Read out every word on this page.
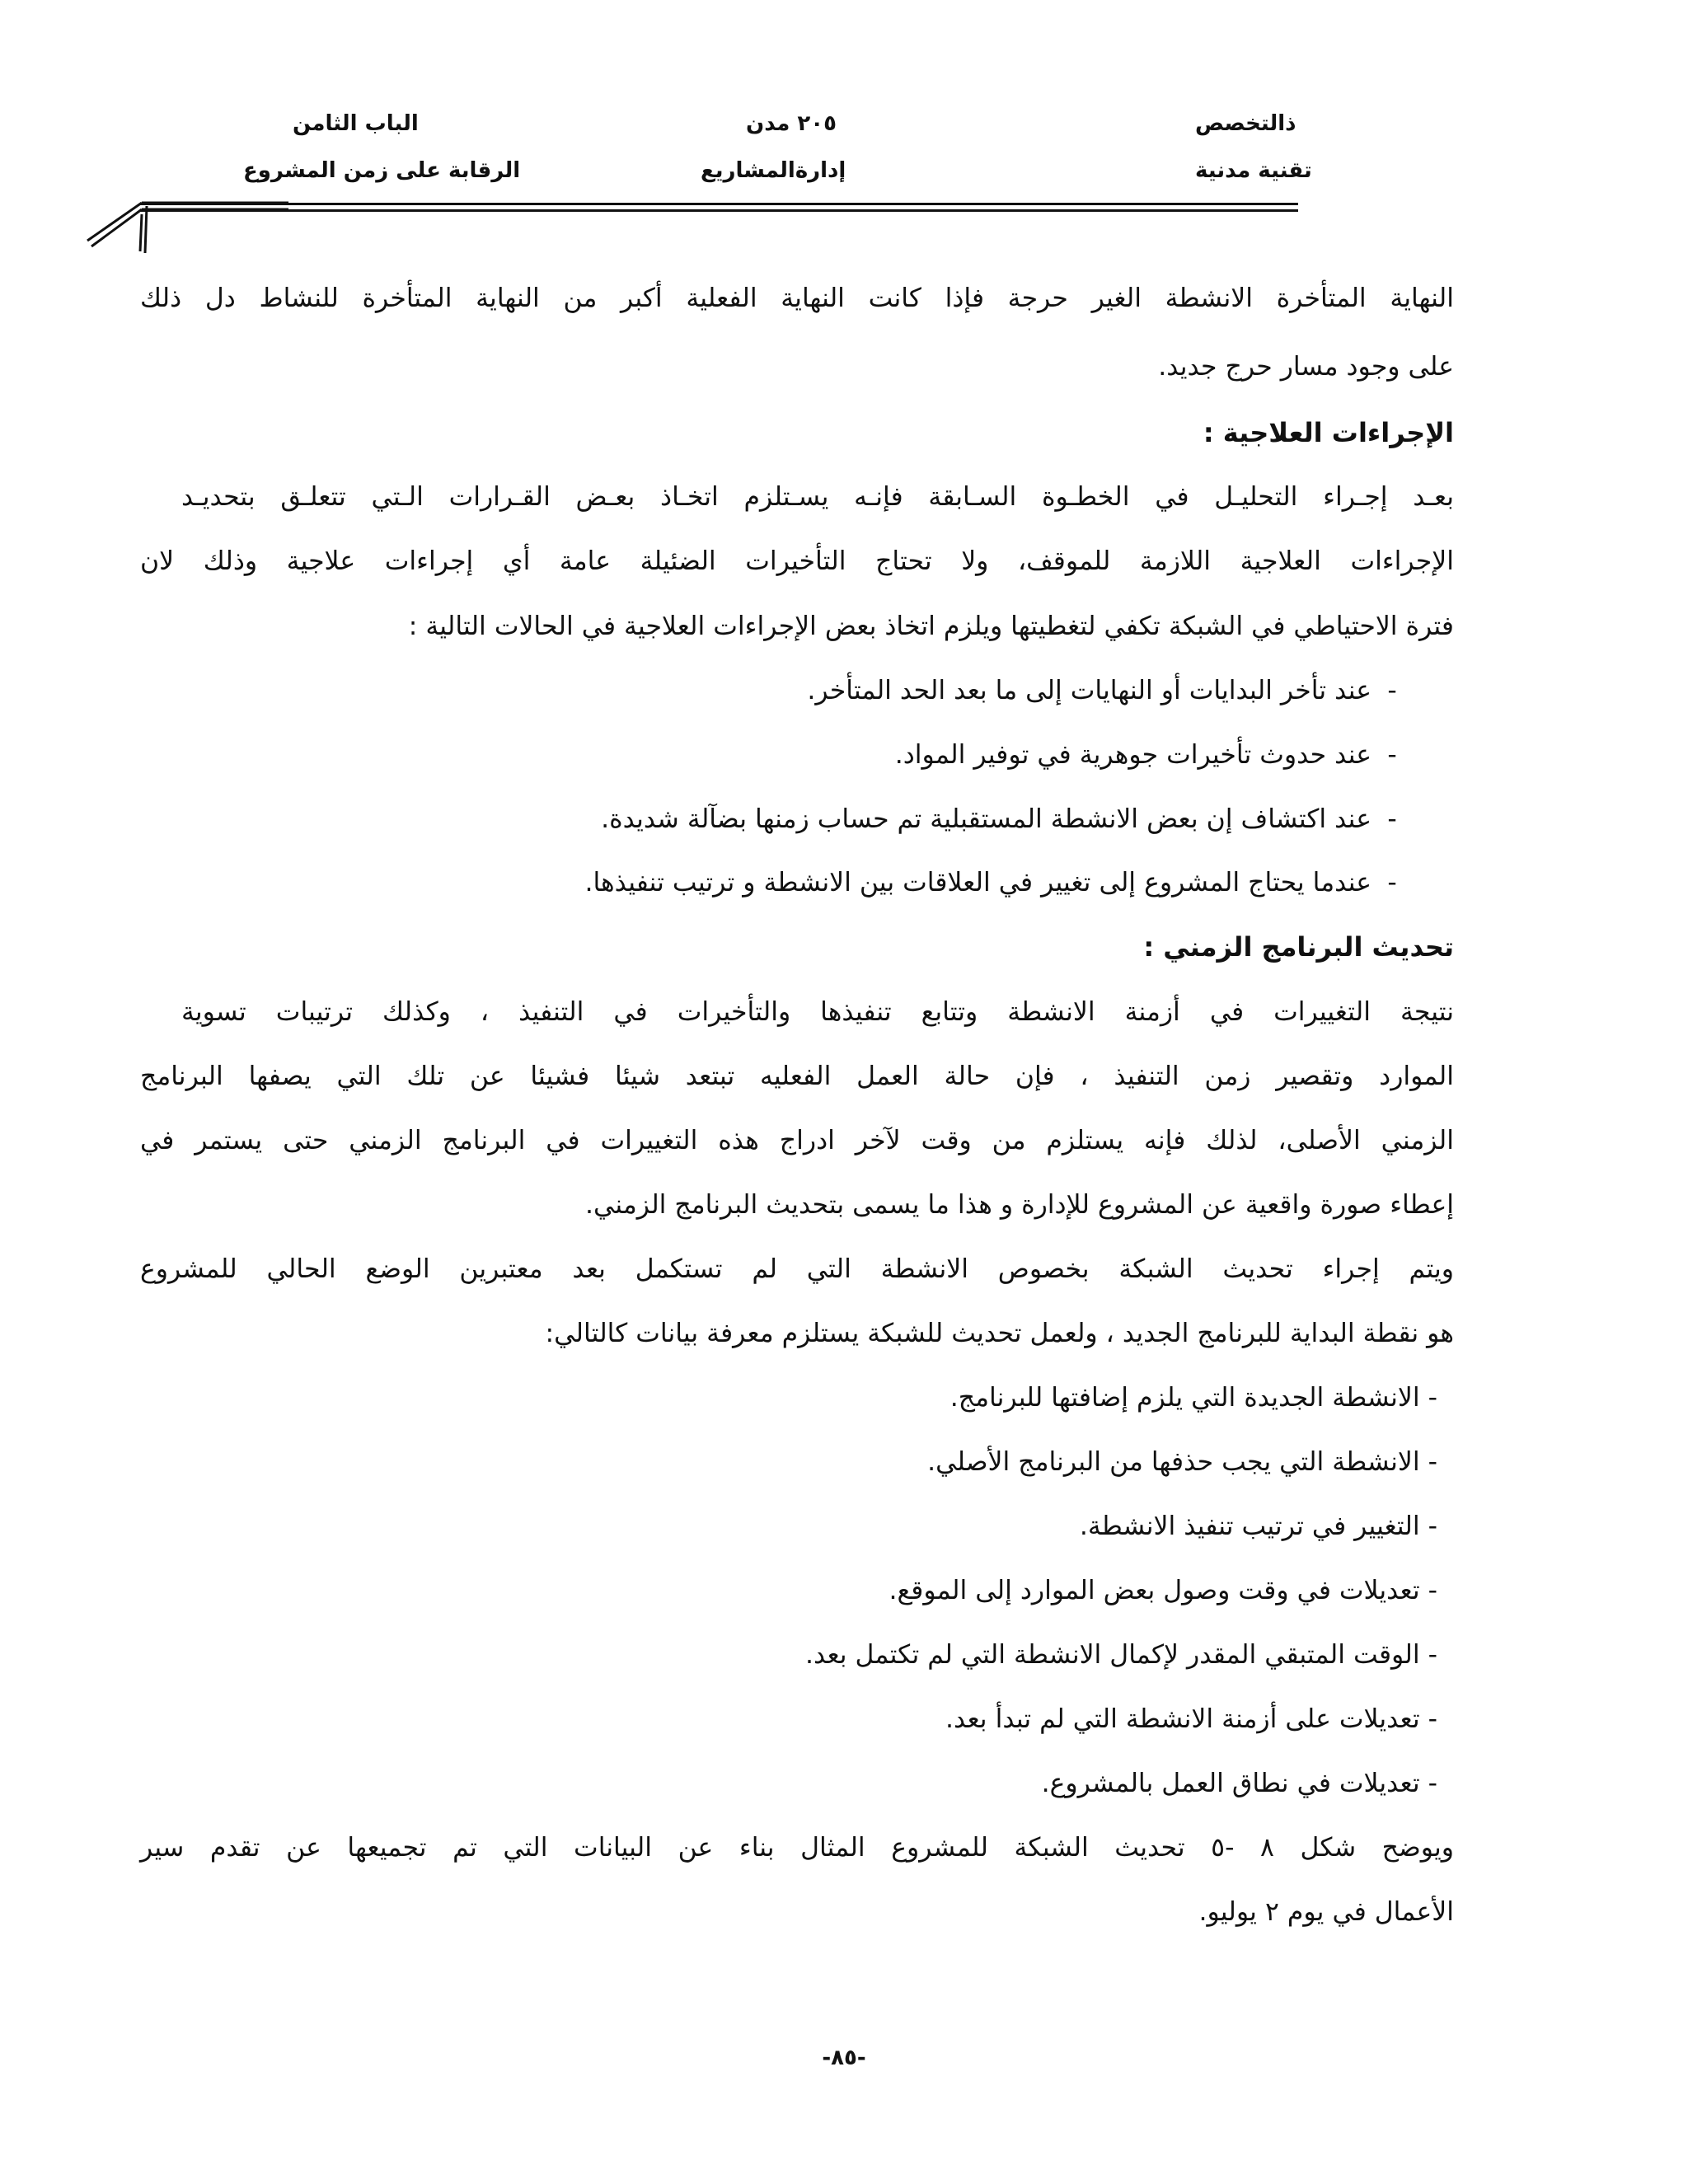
ذالتخصص
تقنية مدنية
٢٠٥ مدن
إدارةالمشاريع
الباب الثامن
الرقابة على زمن المشروع
النهاية المتأخرة الانشطة الغير حرجة فإذا كانت النهاية الفعلية أكبر من النهاية المتأخرة للنشاط دل ذلك
على وجود مسار حرج جديد.
الإجراءات العلاجية :
بعـد إجـراء التحليـل في الخطـوة السـابقة فإنـه يسـتلزم اتخـاذ بعـض القـرارات الـتي تتعلـق بتحديـد
الإجراءات العلاجية اللازمة للموقف، ولا تحتاج التأخيرات الضئيلة عامة أي إجراءات علاجية وذلك لان
فترة الاحتياطي في الشبكة تكفي لتغطيتها ويلزم اتخاذ بعض الإجراءات العلاجية في الحالات التالية :
-عند تأخر البدايات أو النهايات إلى ما بعد الحد المتأخر.
-عند حدوث تأخيرات جوهرية في توفير المواد.
-عند اكتشاف إن بعض الانشطة المستقبلية تم حساب زمنها بضآلة شديدة.
-عندما يحتاج المشروع إلى تغيير في العلاقات بين الانشطة و ترتيب تنفيذها.
تحديث البرنامج الزمني :
نتيجة التغييرات في أزمنة الانشطة وتتابع تنفيذها والتأخيرات في التنفيذ ، وكذلك ترتيبات تسوية
الموارد وتقصير زمن التنفيذ ، فإن حالة العمل الفعليه تبتعد شيئا فشيئا عن تلك التي يصفها البرنامج
الزمني الأصلى، لذلك فإنه يستلزم من وقت لآخر ادراج هذه التغييرات في البرنامج الزمني حتى يستمر في
إعطاء صورة واقعية عن المشروع للإدارة و هذا ما يسمى بتحديث البرنامج الزمني.
ويتم إجراء تحديث الشبكة بخصوص الانشطة التي لم تستكمل بعد معتبرين الوضع الحالي للمشروع
هو نقطة البداية للبرنامج الجديد ، ولعمل تحديث للشبكة يستلزم معرفة بيانات كالتالي:
- الانشطة الجديدة التي يلزم إضافتها للبرنامج.
- الانشطة التي يجب حذفها من البرنامج الأصلي.
- التغيير في ترتيب تنفيذ الانشطة.
- تعديلات في وقت وصول بعض الموارد إلى الموقع.
- الوقت المتبقي المقدر لإكمال الانشطة التي لم تكتمل بعد.
- تعديلات على أزمنة الانشطة التي لم تبدأ بعد.
- تعديلات في نطاق العمل بالمشروع.
ويوضح شكل ٨ -٥ تحديث الشبكة للمشروع المثال بناء عن البيانات التي تم تجميعها عن تقدم سير
الأعمال في يوم ٢ يوليو.
-٨٥-
